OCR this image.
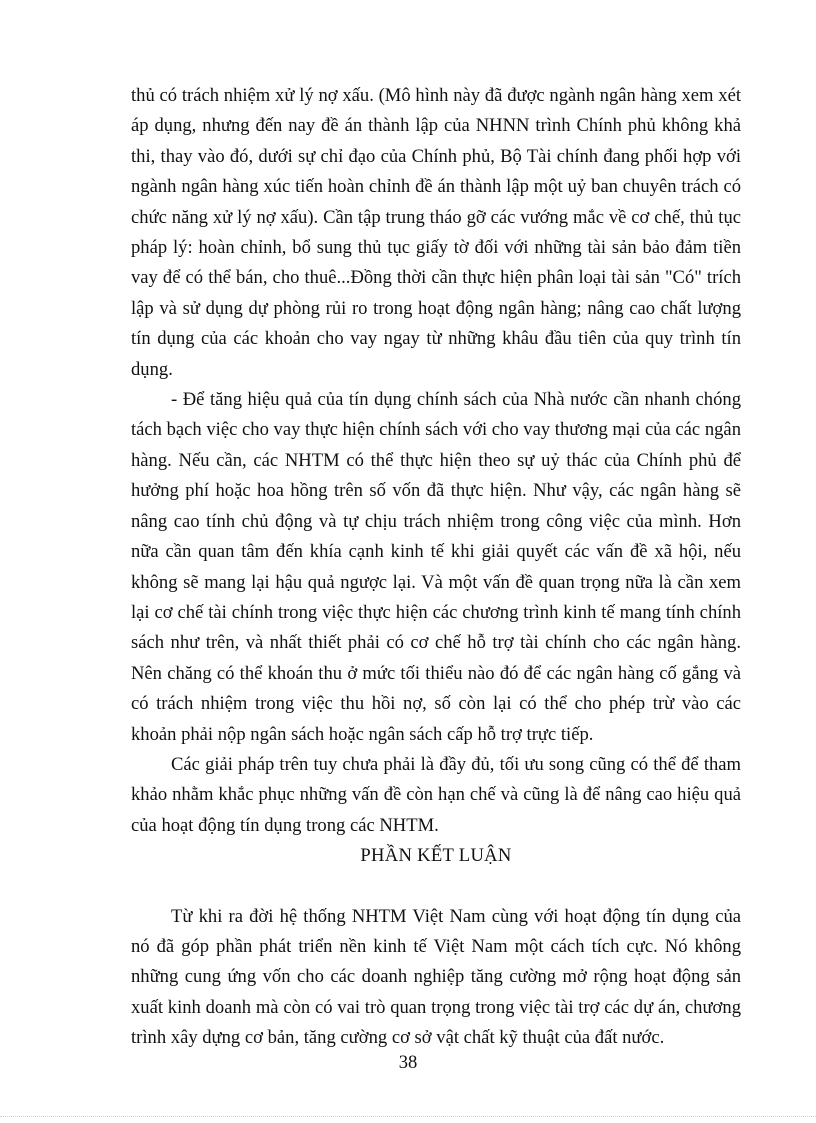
thủ có trách nhiệm xử lý nợ xấu. (Mô hình này đã được ngành ngân hàng xem xét áp dụng, nhưng đến nay đề án thành lập của NHNN trình Chính phủ không khả thi, thay vào đó, dưới sự chỉ đạo của Chính phủ, Bộ Tài chính đang phối hợp với ngành ngân hàng xúc tiến hoàn chỉnh đề án thành lập một uỷ ban chuyên trách có chức năng xử lý nợ xấu). Cần tập trung tháo gỡ các vướng mắc về cơ chế, thủ tục pháp lý: hoàn chỉnh, bổ sung thủ tục giấy tờ đối với những tài sản bảo đảm tiền vay để có thể bán, cho thuê...Đồng thời cần thực hiện phân loại tài sản "Có" trích lập và sử dụng dự phòng rủi ro trong hoạt động ngân hàng; nâng cao chất lượng tín dụng của các khoản cho vay ngay từ những khâu đầu tiên của quy trình tín dụng.

- Để tăng hiệu quả của tín dụng chính sách của Nhà nước cần nhanh chóng tách bạch việc cho vay thực hiện chính sách với cho vay thương mại của các ngân hàng. Nếu cần, các NHTM có thể thực hiện theo sự uỷ thác của Chính phủ để hưởng phí hoặc hoa hồng trên số vốn đã thực hiện. Như vậy, các ngân hàng sẽ nâng cao tính chủ động và tự chịu trách nhiệm trong công việc của mình. Hơn nữa cần quan tâm đến khía cạnh kinh tế khi giải quyết các vấn đề xã hội, nếu không sẽ mang lại hậu quả ngược lại. Và một vấn đề quan trọng nữa là cần xem lại cơ chế tài chính trong việc thực hiện các chương trình kinh tế mang tính chính sách như trên, và nhất thiết phải có cơ chế hỗ trợ tài chính cho các ngân hàng. Nên chăng có thể khoán thu ở mức tối thiểu nào đó để các ngân hàng cố gắng và có trách nhiệm trong việc thu hồi nợ, số còn lại có thể cho phép trừ vào các khoản phải nộp ngân sách hoặc ngân sách cấp hỗ trợ trực tiếp.

Các giải pháp trên tuy chưa phải là đầy đủ, tối ưu song cũng có thể để tham khảo nhằm khắc phục những vấn đề còn hạn chế và cũng là để nâng cao hiệu quả của hoạt động tín dụng trong các NHTM.

PHẦN KẾT LUẬN

Từ khi ra đời hệ thống NHTM Việt Nam cùng với hoạt động tín dụng của nó đã góp phần phát triển nền kinh tế Việt Nam một cách tích cực. Nó không những cung ứng vốn cho các doanh nghiệp tăng cường mở rộng hoạt động sản xuất kinh doanh mà còn có vai trò quan trọng trong việc tài trợ các dự án, chương trình xây dựng cơ bản, tăng cường cơ sở vật chất kỹ thuật của đất nước.

38
